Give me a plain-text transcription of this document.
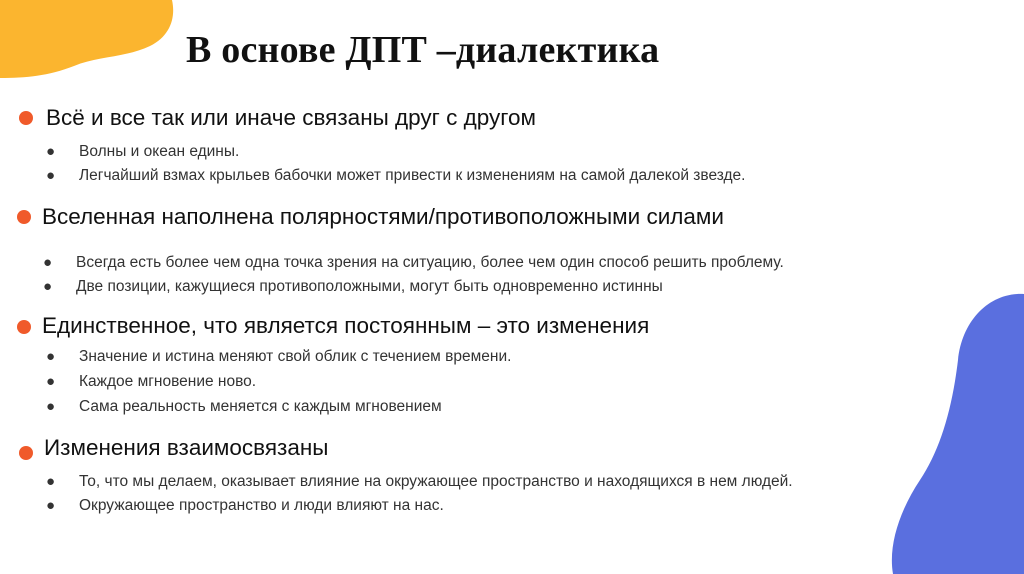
В основе ДПТ –диалектика
Всё и все так или иначе связаны друг с другом
● Волны и океан едины.
● Легчайший взмах крыльев бабочки может привести к изменениям на самой далекой звезде.
Вселенная наполнена полярностями/противоположными силами
● Всегда есть более чем одна точка зрения на ситуацию, более чем один способ решить проблему.
● Две позиции, кажущиеся противоположными, могут быть одновременно истинны
Единственное, что является постоянным – это изменения
● Значение и истина меняют свой облик с течением времени.
● Каждое мгновение ново.
● Сама реальность меняется с каждым мгновением
Изменения взаимосвязаны
● То, что мы делаем, оказывает влияние на окружающее пространство и находящихся в нем людей.
● Окружающее пространство и люди влияют на нас.
